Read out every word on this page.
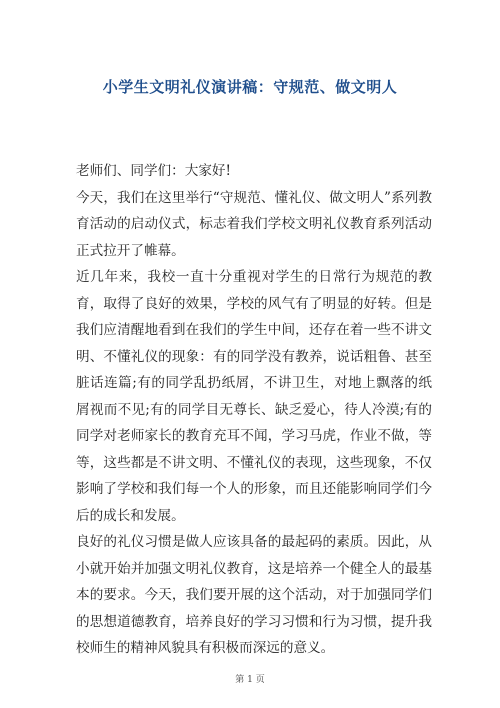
小学生文明礼仪演讲稿：守规范、做文明人

老师们、同学们：大家好!

今天，我们在这里举行“守规范、懂礼仪、做文明人”系列教育活动的启动仪式，标志着我们学校文明礼仪教育系列活动正式拉开了帷幕。

近几年来，我校一直十分重视对学生的日常行为规范的教育，取得了良好的效果，学校的风气有了明显的好转。但是我们应清醒地看到在我们的学生中间，还存在着一些不讲文明、不懂礼仪的现象：有的同学没有教养，说话粗鲁、甚至脏话连篇;有的同学乱扔纸屑，不讲卫生，对地上飘落的纸屑视而不见;有的同学目无尊长、缺乏爱心，待人冷漠;有的同学对老师家长的教育充耳不闻，学习马虎，作业不做，等等，这些都是不讲文明、不懂礼仪的表现，这些现象，不仅影响了学校和我们每一个人的形象，而且还能影响同学们今后的成长和发展。

良好的礼仪习惯是做人应该具备的最起码的素质。因此，从小就开始并加强文明礼仪教育，这是培养一个健全人的最基本的要求。今天，我们要开展的这个活动，对于加强同学们的思想道德教育，培养良好的学习习惯和行为习惯，提升我校师生的精神风貌具有积极而深远的意义。

第 1 页
